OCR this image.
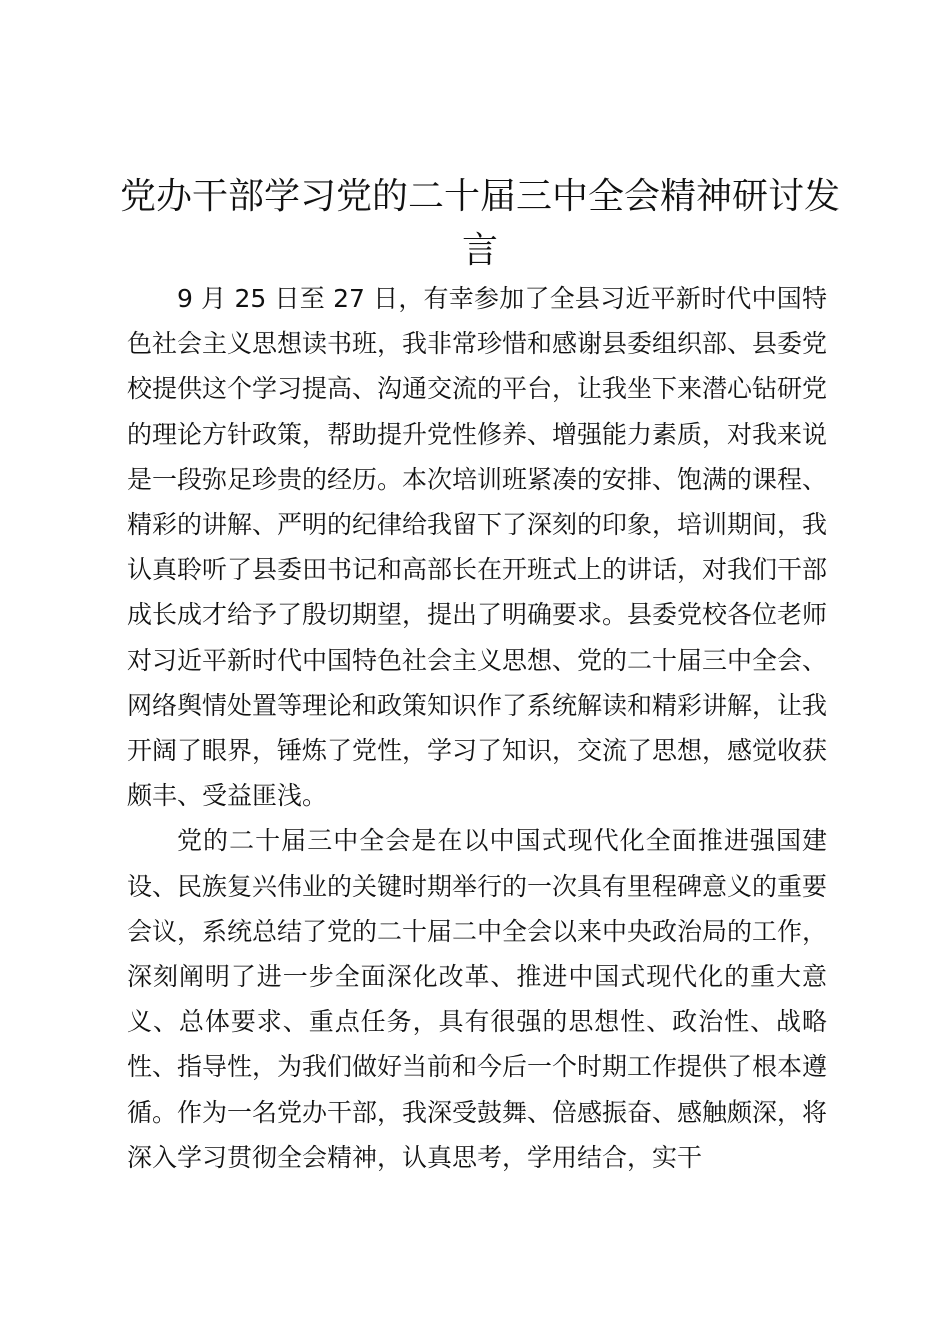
党办干部学习党的二十届三中全会精神研讨发言

9 月 25 日至 27 日，有幸参加了全县习近平新时代中国特色社会主义思想读书班，我非常珍惜和感谢县委组织部、县委党校提供这个学习提高、沟通交流的平台，让我坐下来潜心钻研党的理论方针政策，帮助提升党性修养、增强能力素质，对我来说是一段弥足珍贵的经历。本次培训班紧凑的安排、饱满的课程、精彩的讲解、严明的纪律给我留下了深刻的印象，培训期间，我认真聆听了县委田书记和高部长在开班式上的讲话，对我们干部成长成才给予了殷切期望，提出了明确要求。县委党校各位老师对习近平新时代中国特色社会主义思想、党的二十届三中全会、网络舆情处置等理论和政策知识作了系统解读和精彩讲解，让我开阔了眼界，锤炼了党性，学习了知识，交流了思想，感觉收获颇丰、受益匪浅。

党的二十届三中全会是在以中国式现代化全面推进强国建设、民族复兴伟业的关键时期举行的一次具有里程碑意义的重要会议，系统总结了党的二十届二中全会以来中央政治局的工作，深刻阐明了进一步全面深化改革、推进中国式现代化的重大意义、总体要求、重点任务，具有很强的思想性、政治性、战略性、指导性，为我们做好当前和今后一个时期工作提供了根本遵循。作为一名党办干部，我深受鼓舞、倍感振奋、感触颇深，将深入学习贯彻全会精神，认真思考，学用结合，实干
